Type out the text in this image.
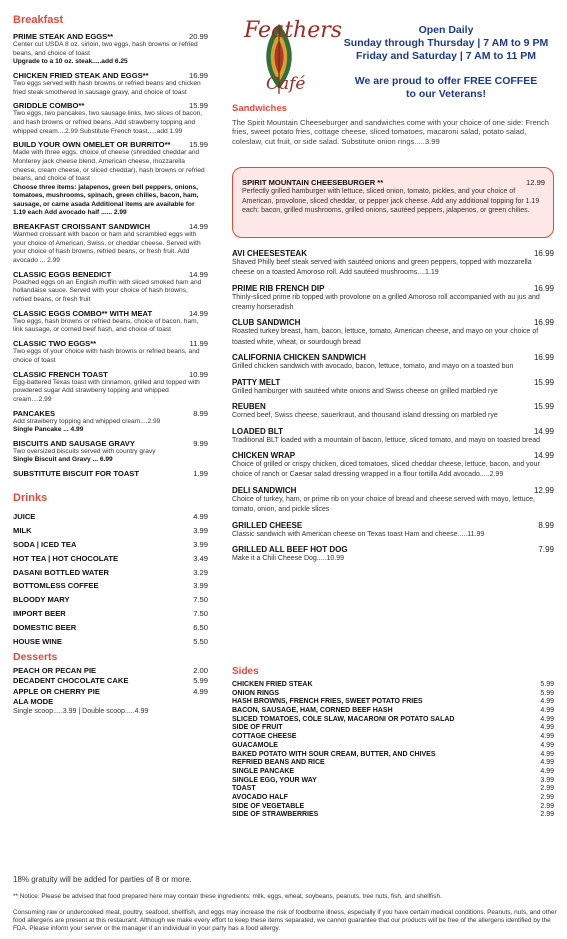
Breakfast
PRIME STEAK AND EGGS**	20.99
Center cut USDA 8 oz. sirloin, two eggs, hash browns or refried beans, and choice of toast
Upgrade to a 10 oz. steak.....add 6.25
CHICKEN FRIED STEAK AND EGGS**	16.99
Two eggs served with hash browns or refried beans and chicken fried steak smothered in sausage gravy, and choice of toast
GRIDDLE COMBO**	15.99
Two eggs, two pancakes, two sausage links, two slices of bacon, and hash browns or refried beans. Add strawberry topping and whipped cream....2.99 Substitute French toast.....add 1.99
BUILD YOUR OWN OMELET OR BURRITO** 15.99
Made with three eggs, choice of cheese (shredded cheddar and Monterey jack cheese blend, American cheese, mozzarella cheese, cream cheese, or sliced cheddar), hash browns or refried beans, and choice of toast
Choose three items: jalapenos, green bell peppers, onions, tomatoes, mushrooms, spinach, green chilies, bacon, ham, sausage, or carne asada Additional items are available for 1.19 each Add avocado half ...... 2.99
BREAKFAST CROISSANT SANDWICH	14.99
Warmed croissant with bacon or ham and scrambled eggs with your choice of American, Swiss, or cheddar cheese. Served with your choice of hash browns, refried beans, or fresh fruit. Add avocado ... 2.99
CLASSIC EGGS BENEDICT	14.99
Poached eggs on an English muffin with sliced smoked ham and hollandaise sauce. Served with your choice of hash browns, refried beans, or fresh fruit
CLASSIC EGGS COMBO** WITH MEAT	14.99
Two eggs, hash browns or refried beans, choice of bacon, ham, link sausage, or corned beef hash, and choice of toast
CLASSIC TWO EGGS**	11.99
Two eggs of your choice with hash browns or refried beans, and choice of toast
CLASSIC FRENCH TOAST	10.99
Egg-battered Texas toast with cinnamon, grilled and topped with powdered sugar Add strawberry topping and whipped cream....2.99
PANCAKES	8.99
Add strawberry topping and whipped cream....2.99
Single Pancake ... 4.99
BISCUITS AND SAUSAGE GRAVY	9.99
Two oversized biscuits served with country gravy
Single Biscuit and Gravy ... 6.99
SUBSTITUTE BISCUIT FOR TOAST	1.99
Drinks
JUICE	4.99
MILK	3.99
SODA | ICED TEA	3.99
HOT TEA | HOT CHOCOLATE	3.49
DASANI BOTTLED WATER	3.29
BOTTOMLESS COFFEE	3.99
BLOODY MARY	7.50
IMPORT BEER	7.50
DOMESTIC BEER	6.50
HOUSE WINE	5.50
Desserts
PEACH OR PECAN PIE	2.00
DECADENT CHOCOLATE CAKE	5.99
APPLE OR CHERRY PIE	4.99
ALA MODE
Single scoop.....3.99 | Double scoop.....4.99
Feathers
Café
Open Daily
Sunday through Thursday | 7 AM to 9 PM
Friday and Saturday | 7 AM to 11 PM
We are proud to offer FREE COFFEE
to our Veterans!
Sandwiches
The Spirit Mountain Cheeseburger and sandwiches come with your choice of one side: French fries, sweet potato fries, cottage cheese, sliced tomatoes, macaroni salad, potato salad, coleslaw, cut fruit, or side salad. Substitute onion rings.....3.99
SPIRIT MOUNTAIN CHEESEBURGER **	12.99
Perfectly grilled hamburger with lettuce, sliced onion, tomato, pickles, and your choice of American, provolone, sliced cheddar, or pepper jack cheese. Add any additional topping for 1.19 each: bacon, grilled mushrooms, grilled onions, sautéed peppers, jalapenos, or green chilies.
AVI CHEESESTEAK	16.99
Shaved Philly beef steak served with sautéed onions and green peppers, topped with mozzarella cheese on a toasted Amoroso roll. Add sautéed mushrooms....1.19
PRIME RIB FRENCH DIP	16.99
Thinly-sliced prime rib topped with provolone on a grilled Amoroso roll accompanied with au jus and creamy horseradish
CLUB SANDWICH	16.99
Roasted turkey breast, ham, bacon, lettuce, tomato, American cheese, and mayo on your choice of toasted white, wheat, or sourdough bread
CALIFORNIA CHICKEN SANDWICH	16.99
Grilled chicken sandwich with avocado, bacon, lettuce, tomato, and mayo on a toasted bun
PATTY MELT	15.99
Grilled hamburger with sautéed white onions and Swiss cheese on grilled marbled rye
REUBEN	15.99
Corned beef, Swiss cheese, sauerkraut, and thousand island dressing on marbled rye
LOADED BLT	14.99
Traditional BLT loaded with a mountain of bacon, lettuce, sliced tomato, and mayo on toasted bread
CHICKEN WRAP	14.99
Choice of grilled or crispy chicken, diced tomatoes, sliced cheddar cheese, lettuce, bacon, and your choice of ranch or Caesar salad dressing wrapped in a flour tortilla Add avocado.....2.99
DELI SANDWICH	12.99
Choice of turkey, ham, or prime rib on your choice of bread and cheese served with mayo, lettuce, tomato, onion, and pickle slices
GRILLED CHEESE	8.99
Classic sandwich with American cheese on Texas toast Ham and cheese.....11.99
GRILLED ALL BEEF HOT DOG	7.99
Make it a Chili Cheese Dog.....10.99
Sides
CHICKEN FRIED STEAK	5.99
ONION RINGS	5.99
HASH BROWNS, FRENCH FRIES, SWEET POTATO FRIES	4.99
BACON, SAUSAGE, HAM, CORNED BEEF HASH	4.99
SLICED TOMATOES, COLE SLAW, MACARONI OR POTATO SALAD	4.99
SIDE OF FRUIT	4.99
COTTAGE CHEESE	4.99
GUACAMOLE	4.99
BAKED POTATO WITH SOUR CREAM, BUTTER, AND CHIVES	4.99
REFRIED BEANS AND RICE	4.99
SINGLE PANCAKE	4.99
SINGLE EGG, YOUR WAY	3.99
TOAST	2.99
AVOCADO HALF	2.99
SIDE OF VEGETABLE	2.99
SIDE OF STRAWBERRIES	2.99
18% gratuity will be added for parties of 8 or more.
** Notice: Please be advised that food prepared here may contain these ingredients: milk, eggs, wheat, soybeans, peanuts, tree nuts, fish, and shellfish.
Consuming raw or undercooked meat, poultry, seafood, shellfish, and eggs may increase the risk of foodborne illness, especially if you have certain medical conditions. Peanuts, nuts, and other food allergens are present at this restaurant. Although we make every effort to keep these items separated, we cannot guarantee that our products will be free of the allergens identified by the FDA. Please inform your server or the manager if an individual in your party has a food allergy.
